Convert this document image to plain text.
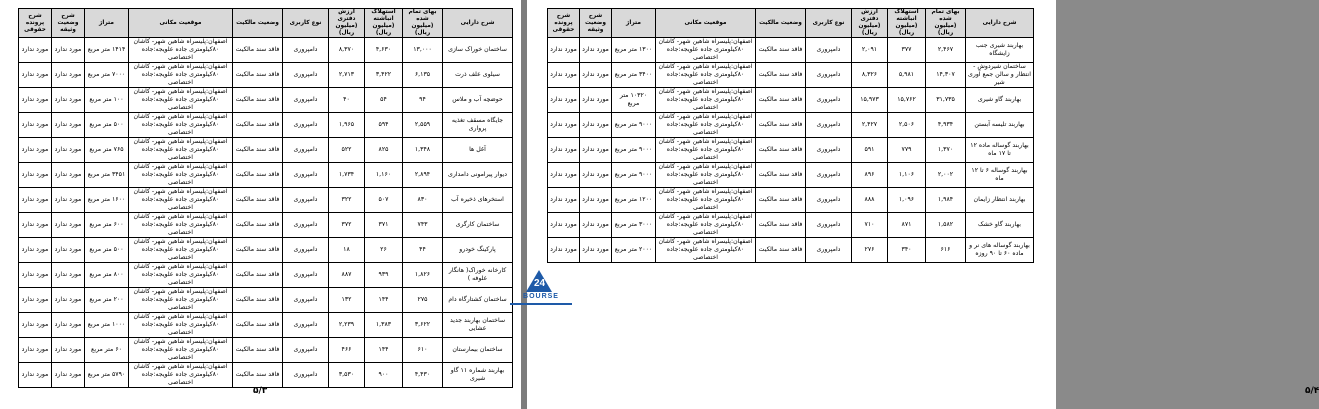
شرح دارایی	بهای تمام شده (میلیون ریال)	استهلاک انباشته (میلیون ریال)	ارزش دفتری (میلیون ریال)	نوع کاربری	وضعیت مالکیت	موقعیت مکانی	متراژ	شرح وضعیت وثیقه	شرح پرونده حقوقی
ساختمان خوراک سازی	۱۳,۰۰۰	۴,۶۳۰	۸,۳۷۰	دامپروری	فاقد سند مالکیت	اصفهان:پلیسراه شاهین شهر- کاشان ۸۰کیلومتری جاده علویجه:جاده اختصاصی	۱۴۱۴ متر مربع	مورد ندارد	مورد ندارد
سیلوی علف ذرت	۶,۱۳۵	۳,۴۲۲	۲,۷۱۳	دامپروری	فاقد سند مالکیت	اصفهان:پلیسراه شاهین شهر- کاشان ۸۰کیلومتری جاده علویجه:جاده اختصاصی	۷۰۰۰ متر مربع	مورد ندارد	مورد ندارد
حوضچه آب و ملاس	۹۴	۵۴	۴۰	دامپروری	فاقد سند مالکیت	اصفهان:پلیسراه شاهین شهر- کاشان ۸۰کیلومتری جاده علویجه:جاده اختصاصی	۱۰۰ متر مربع	مورد ندارد	مورد ندارد
جایگاه مسقف تغذیه پرواری	۲,۵۵۹	۵۹۴	۱,۹۶۵	دامپروری	فاقد سند مالکیت	اصفهان:پلیسراه شاهین شهر- کاشان ۸۰کیلومتری جاده علویجه:جاده اختصاصی	۵۰۰ متر مربع	مورد ندارد	مورد ندارد
آغل ها	۱,۳۴۸	۸۲۵	۵۲۲	دامپروری	فاقد سند مالکیت	اصفهان:پلیسراه شاهین شهر- کاشان ۸۰کیلومتری جاده علویجه:جاده اختصاصی	۷۶۵ متر مربع	مورد ندارد	مورد ندارد
دیوار پیرامونی دامداری	۲,۸۹۴	۱,۱۶۰	۱,۷۳۴	دامپروری	فاقد سند مالکیت	اصفهان:پلیسراه شاهین شهر- کاشان ۸۰کیلومتری جاده علویجه:جاده اختصاصی	۳۴۵۱ متر مربع	مورد ندارد	مورد ندارد
استخرهای ذخیره آب	۸۳۰	۵۰۷	۳۲۲	دامپروری	فاقد سند مالکیت	اصفهان:پلیسراه شاهین شهر- کاشان ۸۰کیلومتری جاده علویجه:جاده اختصاصی	۱۶۰۰ متر مربع	مورد ندارد	مورد ندارد
ساختمان کارگری	۷۴۳	۳۷۱	۳۷۲	دامپروری	فاقد سند مالکیت	اصفهان:پلیسراه شاهین شهر- کاشان ۸۰کیلومتری جاده علویجه:جاده اختصاصی	۶۰۰ متر مربع	مورد ندارد	مورد ندارد
پارکینگ خودرو	۴۴	۲۶	۱۸	دامپروری	فاقد سند مالکیت	اصفهان:پلیسراه شاهین شهر- کاشان ۸۰کیلومتری جاده علویجه:جاده اختصاصی	۵۰۰ متر مربع	مورد ندارد	مورد ندارد
کارخانه خوراک( هانگار علوفه )	۱,۸۲۶	۹۳۹	۸۸۷	دامپروری	فاقد سند مالکیت	اصفهان:پلیسراه شاهین شهر- کاشان ۸۰کیلومتری جاده علویجه:جاده اختصاصی	۸۰۰ متر مربع	مورد ندارد	مورد ندارد
ساختمان کشتارگاه دام	۲۷۵	۱۴۴	۱۳۲	دامپروری	فاقد سند مالکیت	اصفهان:پلیسراه شاهین شهر- کاشان ۸۰کیلومتری جاده علویجه:جاده اختصاصی	۲۰۰ متر مربع	مورد ندارد	مورد ندارد
ساختمان بهاربند جدید عشایی	۳,۶۲۲	۱,۳۸۳	۲,۲۳۹	دامپروری	فاقد سند مالکیت	اصفهان:پلیسراه شاهین شهر- کاشان ۸۰کیلومتری جاده علویجه:جاده اختصاصی	۱۰۰۰ متر مربع	مورد ندارد	مورد ندارد
ساختمان بیمارستان	۶۱۰	۱۴۴	۴۶۶	دامپروری	فاقد سند مالکیت	اصفهان:پلیسراه شاهین شهر- کاشان ۸۰کیلومتری جاده علویجه:جاده اختصاصی	۶۰ متر مربع	مورد ندارد	مورد ندارد
بهاربند شماره ۱۱ گاو شیری	۴,۴۳۰	۹۰۰	۳,۵۳۰	دامپروری	فاقد سند مالکیت	اصفهان:پلیسراه شاهین شهر- کاشان ۸۰کیلومتری جاده علویجه:جاده اختصاصی	۵۷۹۰ متر مربع	مورد ندارد	مورد ندارد
۵/۳	۵/۴
شرح دارایی	بهای تمام شده (میلیون ریال)	استهلاک انباشته (میلیون ریال)	ارزش دفتری (میلیون ریال)	نوع کاربری	وضعیت مالکیت	موقعیت مکانی	متراژ	شرح وضعیت وثیقه	شرح پرونده حقوقی
بهاربند شیری جنب زایشگاه	۲,۴۶۷	۳۷۷	۲,۰۹۱	دامپروری	فاقد سند مالکیت	اصفهان:پلیسراه شاهین شهر- کاشان ۸۰کیلومتری جاده علویجه:جاده اختصاصی	۱۳۰۰ متر مربع	مورد ندارد	مورد ندارد
ساختمان شیردوش - انتظار و سالن جمع آوری شیر	۱۴,۳۰۷	۵,۹۸۱	۸,۳۲۶	دامپروری	فاقد سند مالکیت	اصفهان:پلیسراه شاهین شهر- کاشان ۸۰کیلومتری جاده علویجه:جاده اختصاصی	۳۴۰۰ متر مربع	مورد ندارد	مورد ندارد
بهاربند گاو شیری	۳۱,۷۳۵	۱۵,۷۶۲	۱۵,۹۷۳	دامپروری	فاقد سند مالکیت	اصفهان:پلیسراه شاهین شهر- کاشان ۸۰کیلومتری جاده علویجه:جاده اختصاصی	۱۰۳۲۰ متر مربع	مورد ندارد	مورد ندارد
بهاربند تلیسه آبستن	۴,۹۳۴	۲,۵۰۶	۲,۴۲۷	دامپروری	فاقد سند مالکیت	اصفهان:پلیسراه شاهین شهر- کاشان ۸۰کیلومتری جاده علویجه:جاده اختصاصی	۹۰۰۰ متر مربع	مورد ندارد	مورد ندارد
بهاربند گوساله ماده ۱۲ تا ۱۷ ماه	۱,۳۷۰	۷۷۹	۵۹۱	دامپروری	فاقد سند مالکیت	اصفهان:پلیسراه شاهین شهر- کاشان ۸۰کیلومتری جاده علویجه:جاده اختصاصی	۹۰۰۰ متر مربع	مورد ندارد	مورد ندارد
بهاربند گوساله ۶ تا ۱۲ ماه	۲,۰۰۲	۱,۱۰۶	۸۹۶	دامپروری	فاقد سند مالکیت	اصفهان:پلیسراه شاهین شهر- کاشان ۸۰کیلومتری جاده علویجه:جاده اختصاصی	۹۰۰۰ متر مربع	مورد ندارد	مورد ندارد
بهاربند انتظار زایمان	۱,۹۸۴	۱,۰۹۶	۸۸۸	دامپروری	فاقد سند مالکیت	اصفهان:پلیسراه شاهین شهر- کاشان ۸۰کیلومتری جاده علویجه:جاده اختصاصی	۱۲۰۰ متر مربع	مورد ندارد	مورد ندارد
بهاربند گاو خشک	۱,۵۸۲	۸۷۱	۷۱۰	دامپروری	فاقد سند مالکیت	اصفهان:پلیسراه شاهین شهر- کاشان ۸۰کیلومتری جاده علویجه:جاده اختصاصی	۳۰۰۰ متر مربع	مورد ندارد	مورد ندارد
بهاربند گوساله های نر و ماده ۶۰ تا ۹۰ روزه	۶۱۶	۳۴۰	۲۷۶	دامپروری	فاقد سند مالکیت	اصفهان:پلیسراه شاهین شهر- کاشان ۸۰کیلومتری جاده علویجه:جاده اختصاصی	۲۰۰۰ متر مربع	مورد ندارد	مورد ندارد
24
BOURSE
